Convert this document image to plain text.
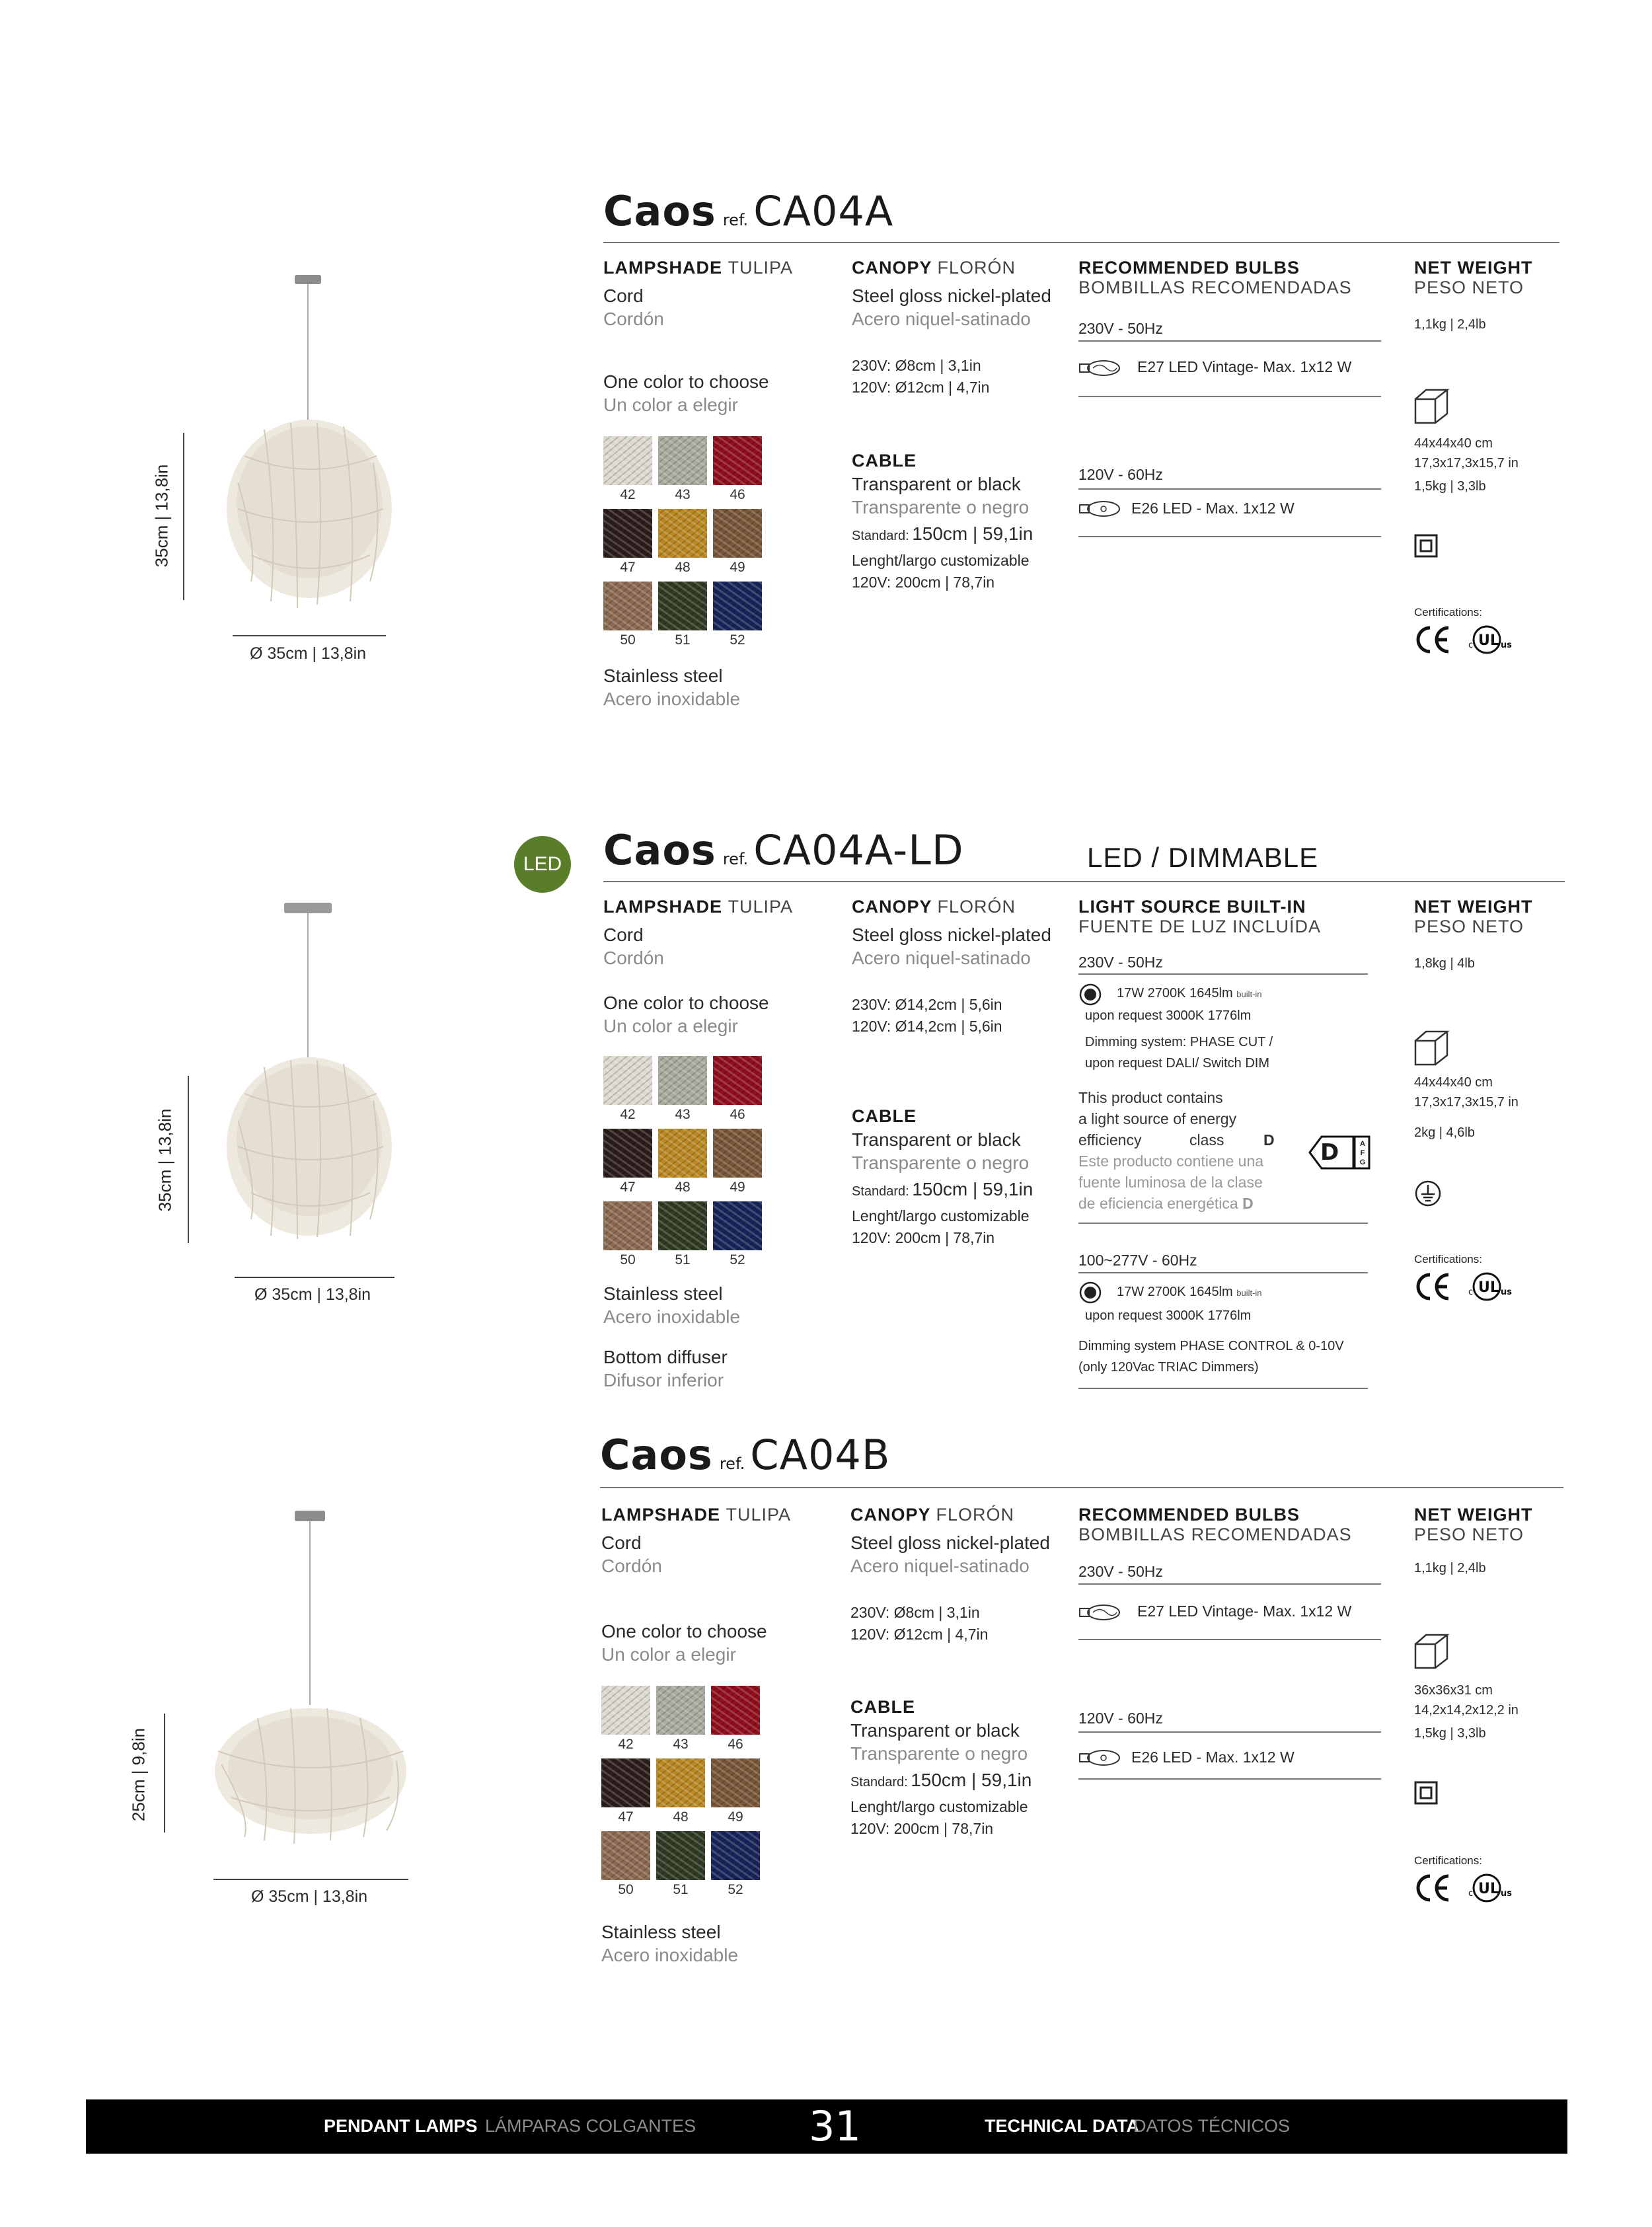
Caos ref. CA04A
35cm | 13,8in
Ø 35cm | 13,8in
LAMPSHADE TULIPA
Cord
Cordón
One color to choose
Un color a elegir
Stainless steel
Acero inoxidable
CANOPY FLORÓN
Steel gloss nickel-plated
Acero niquel-satinado
230V: Ø8cm | 3,1in
120V: Ø12cm | 4,7in
CABLE
Transparent or black
Transparente o negro
Standard: 150cm | 59,1in
Lenght/largo customizable
120V: 200cm | 78,7in
RECOMMENDED BULBS
BOMBILLAS RECOMENDADAS
230V - 50Hz
E27 LED Vintage- Max. 1x12 W
120V - 60Hz
E26 LED - Max. 1x12 W
NET WEIGHT
PESO NETO
1,1kg | 2,4lb
44x44x40 cm
17,3x17,3x15,7 in
1,5kg | 3,3lb
Certifications:
c UL us
LED Caos ref. CA04A-LD	LED / DIMMABLE
35cm | 13,8in
Ø 35cm | 13,8in
LAMPSHADE TULIPA
Cord
Cordón
One color to choose
Un color a elegir
Stainless steel
Acero inoxidable
Bottom diffuser
Difusor inferior
CANOPY FLORÓN
Steel gloss nickel-plated
Acero niquel-satinado
230V: Ø14,2cm | 5,6in
120V: Ø14,2cm | 5,6in
CABLE
Transparent or black
Transparente o negro
Standard: 150cm | 59,1in
Lenght/largo customizable
120V: 200cm | 78,7in
LIGHT SOURCE BUILT-IN
FUENTE DE LUZ INCLUÍDA
230V - 50Hz
17W 2700K 1645lm built-in
upon request 3000K 1776lm
Dimming system: PHASE CUT /
upon request DALI/ Switch DIM
This product contains
a light source of energy
efficiency	class	D
Este producto contiene una
fuente luminosa de la clase
de eficiencia energética D
D	A
F
G
100~277V - 60Hz
17W 2700K 1645lm built-in
upon request 3000K 1776lm
Dimming system PHASE CONTROL & 0-10V
(only 120Vac TRIAC Dimmers)
NET WEIGHT
PESO NETO
1,8kg | 4lb
44x44x40 cm
17,3x17,3x15,7 in
2kg | 4,6lb
Certifications:
c UL us
Caos ref. CA04B
25cm | 9,8in
Ø 35cm | 13,8in
LAMPSHADE TULIPA
Cord
Cordón
One color to choose
Un color a elegir
Stainless steel
Acero inoxidable
CANOPY FLORÓN
Steel gloss nickel-plated
Acero niquel-satinado
230V: Ø8cm | 3,1in
120V: Ø12cm | 4,7in
CABLE
Transparent or black
Transparente o negro
Standard: 150cm | 59,1in
Lenght/largo customizable
120V: 200cm | 78,7in
RECOMMENDED BULBS
BOMBILLAS RECOMENDADAS
230V - 50Hz
E27 LED Vintage- Max. 1x12 W
120V - 60Hz
E26 LED - Max. 1x12 W
NET WEIGHT
PESO NETO
1,1kg | 2,4lb
36x36x31 cm
14,2x14,2x12,2 in
1,5kg | 3,3lb
Certifications:
c UL us
PENDANT LAMPS LÁMPARAS COLGANTES	31	TECHNICAL DATA
DATOS TÉCNICOS
42	43	46
47	48	49
50	51	52
42	43	46
47	48	49
50	51	52
42	43	46
47	48	49
50	51	52
